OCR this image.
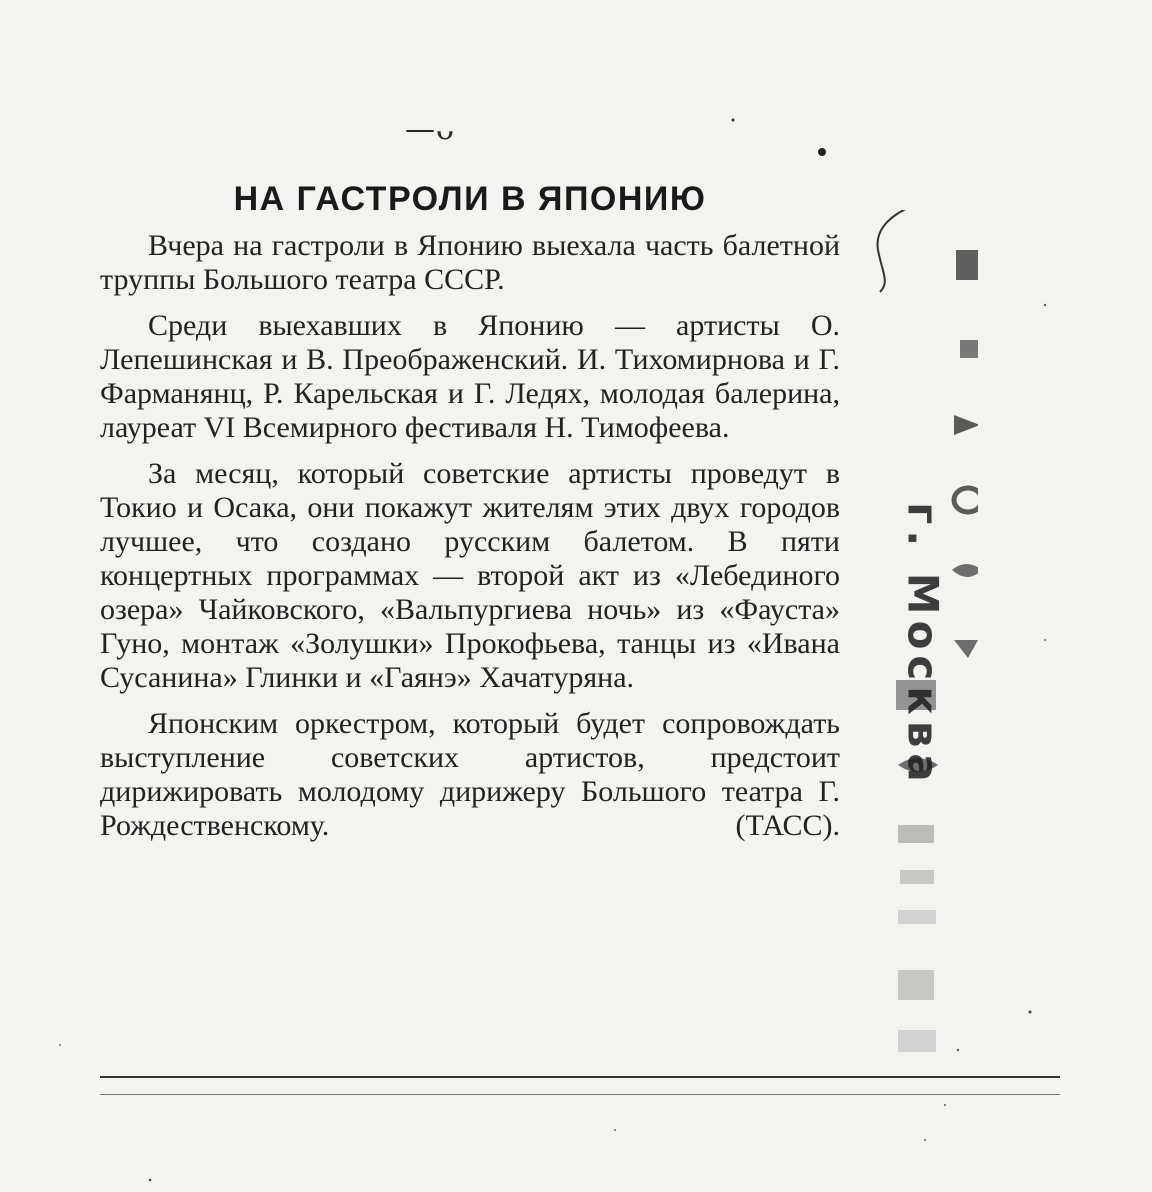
—ᴗ
НА ГАСТРОЛИ В ЯПОНИЮ

Вчера на гастроли в Японию выехала часть балетной труппы Большого театра СССР.

Среди выехавших в Японию — артисты О. Лепешинская и В. Преображенский. И. Тихомирнова и Г. Фарманянц, Р. Карельская и Г. Ледях, молодая балерина, лауреат VI Всемирного фестиваля Н. Тимофеева.

За месяц, который советские артисты проведут в Токио и Осака, они покажут жителям этих двух городов лучшее, что создано русским балетом. В пяти концертных программах — второй акт из «Лебединого озера» Чайковского, «Вальпургиева ночь» из «Фауста» Гуно, монтаж «Золушки» Прокофьева, танцы из «Ивана Сусанина» Глинки и «Гаянэ» Хачатуряна.

Японским оркестром, который будет сопровождать выступление советских артистов, предстоит дирижировать молодому дирижеру Большого театра Г. Рождественскому.	(ТАСС).

г. Москва
